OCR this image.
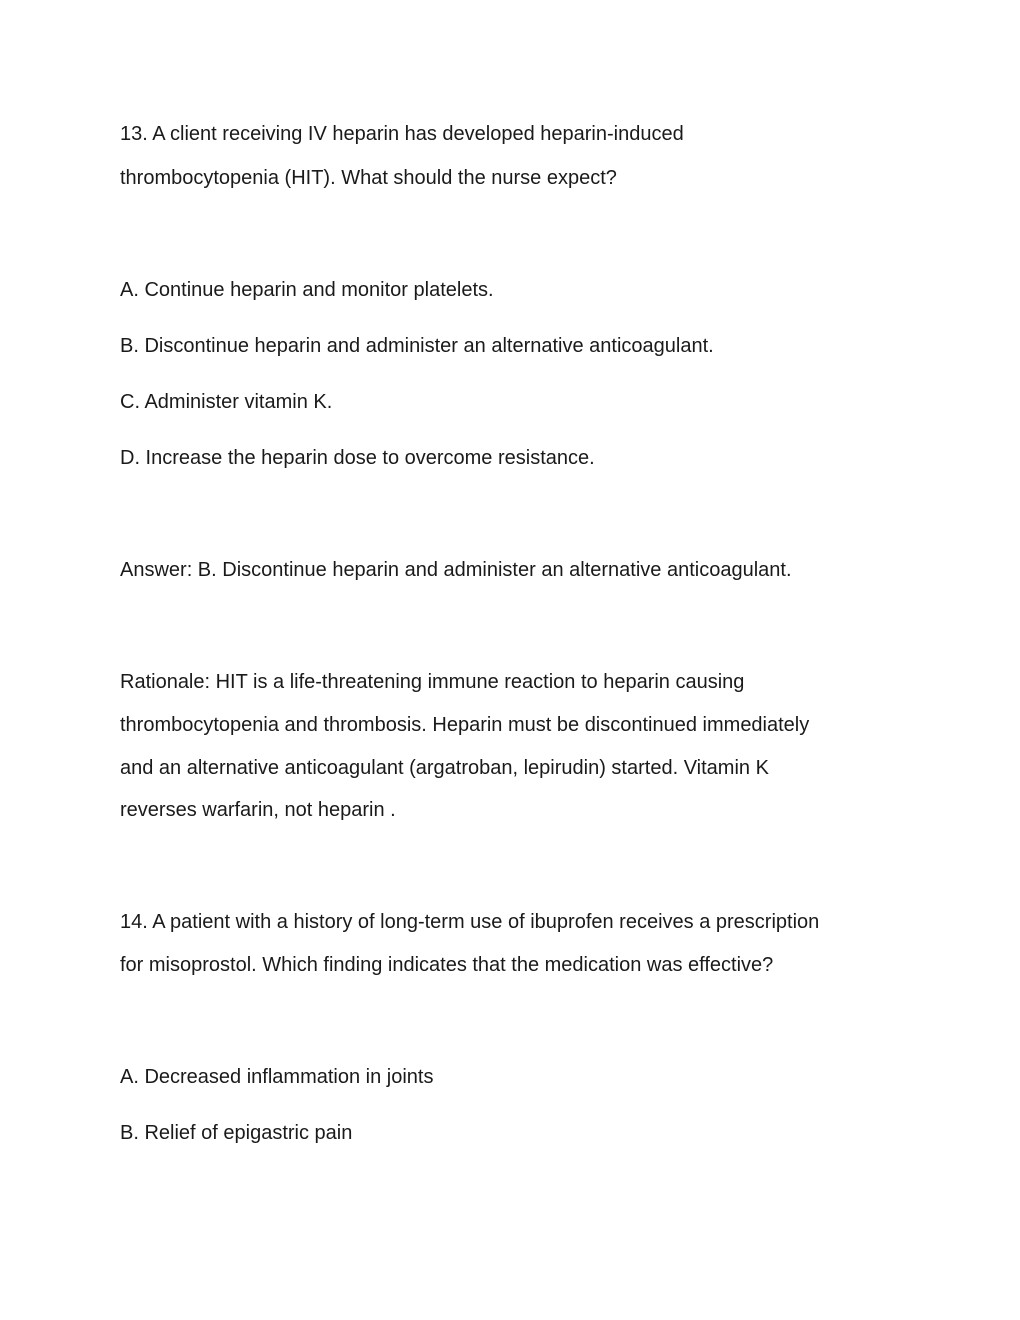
13. A client receiving IV heparin has developed heparin-induced
thrombocytopenia (HIT). What should the nurse expect?
A. Continue heparin and monitor platelets.
B. Discontinue heparin and administer an alternative anticoagulant.
C. Administer vitamin K.
D. Increase the heparin dose to overcome resistance.
Answer: B. Discontinue heparin and administer an alternative anticoagulant.
Rationale: HIT is a life-threatening immune reaction to heparin causing
thrombocytopenia and thrombosis. Heparin must be discontinued immediately
and an alternative anticoagulant (argatroban, lepirudin) started. Vitamin K
reverses warfarin, not heparin .
14. A patient with a history of long-term use of ibuprofen receives a prescription
for misoprostol. Which finding indicates that the medication was effective?
A. Decreased inflammation in joints
B. Relief of epigastric pain
